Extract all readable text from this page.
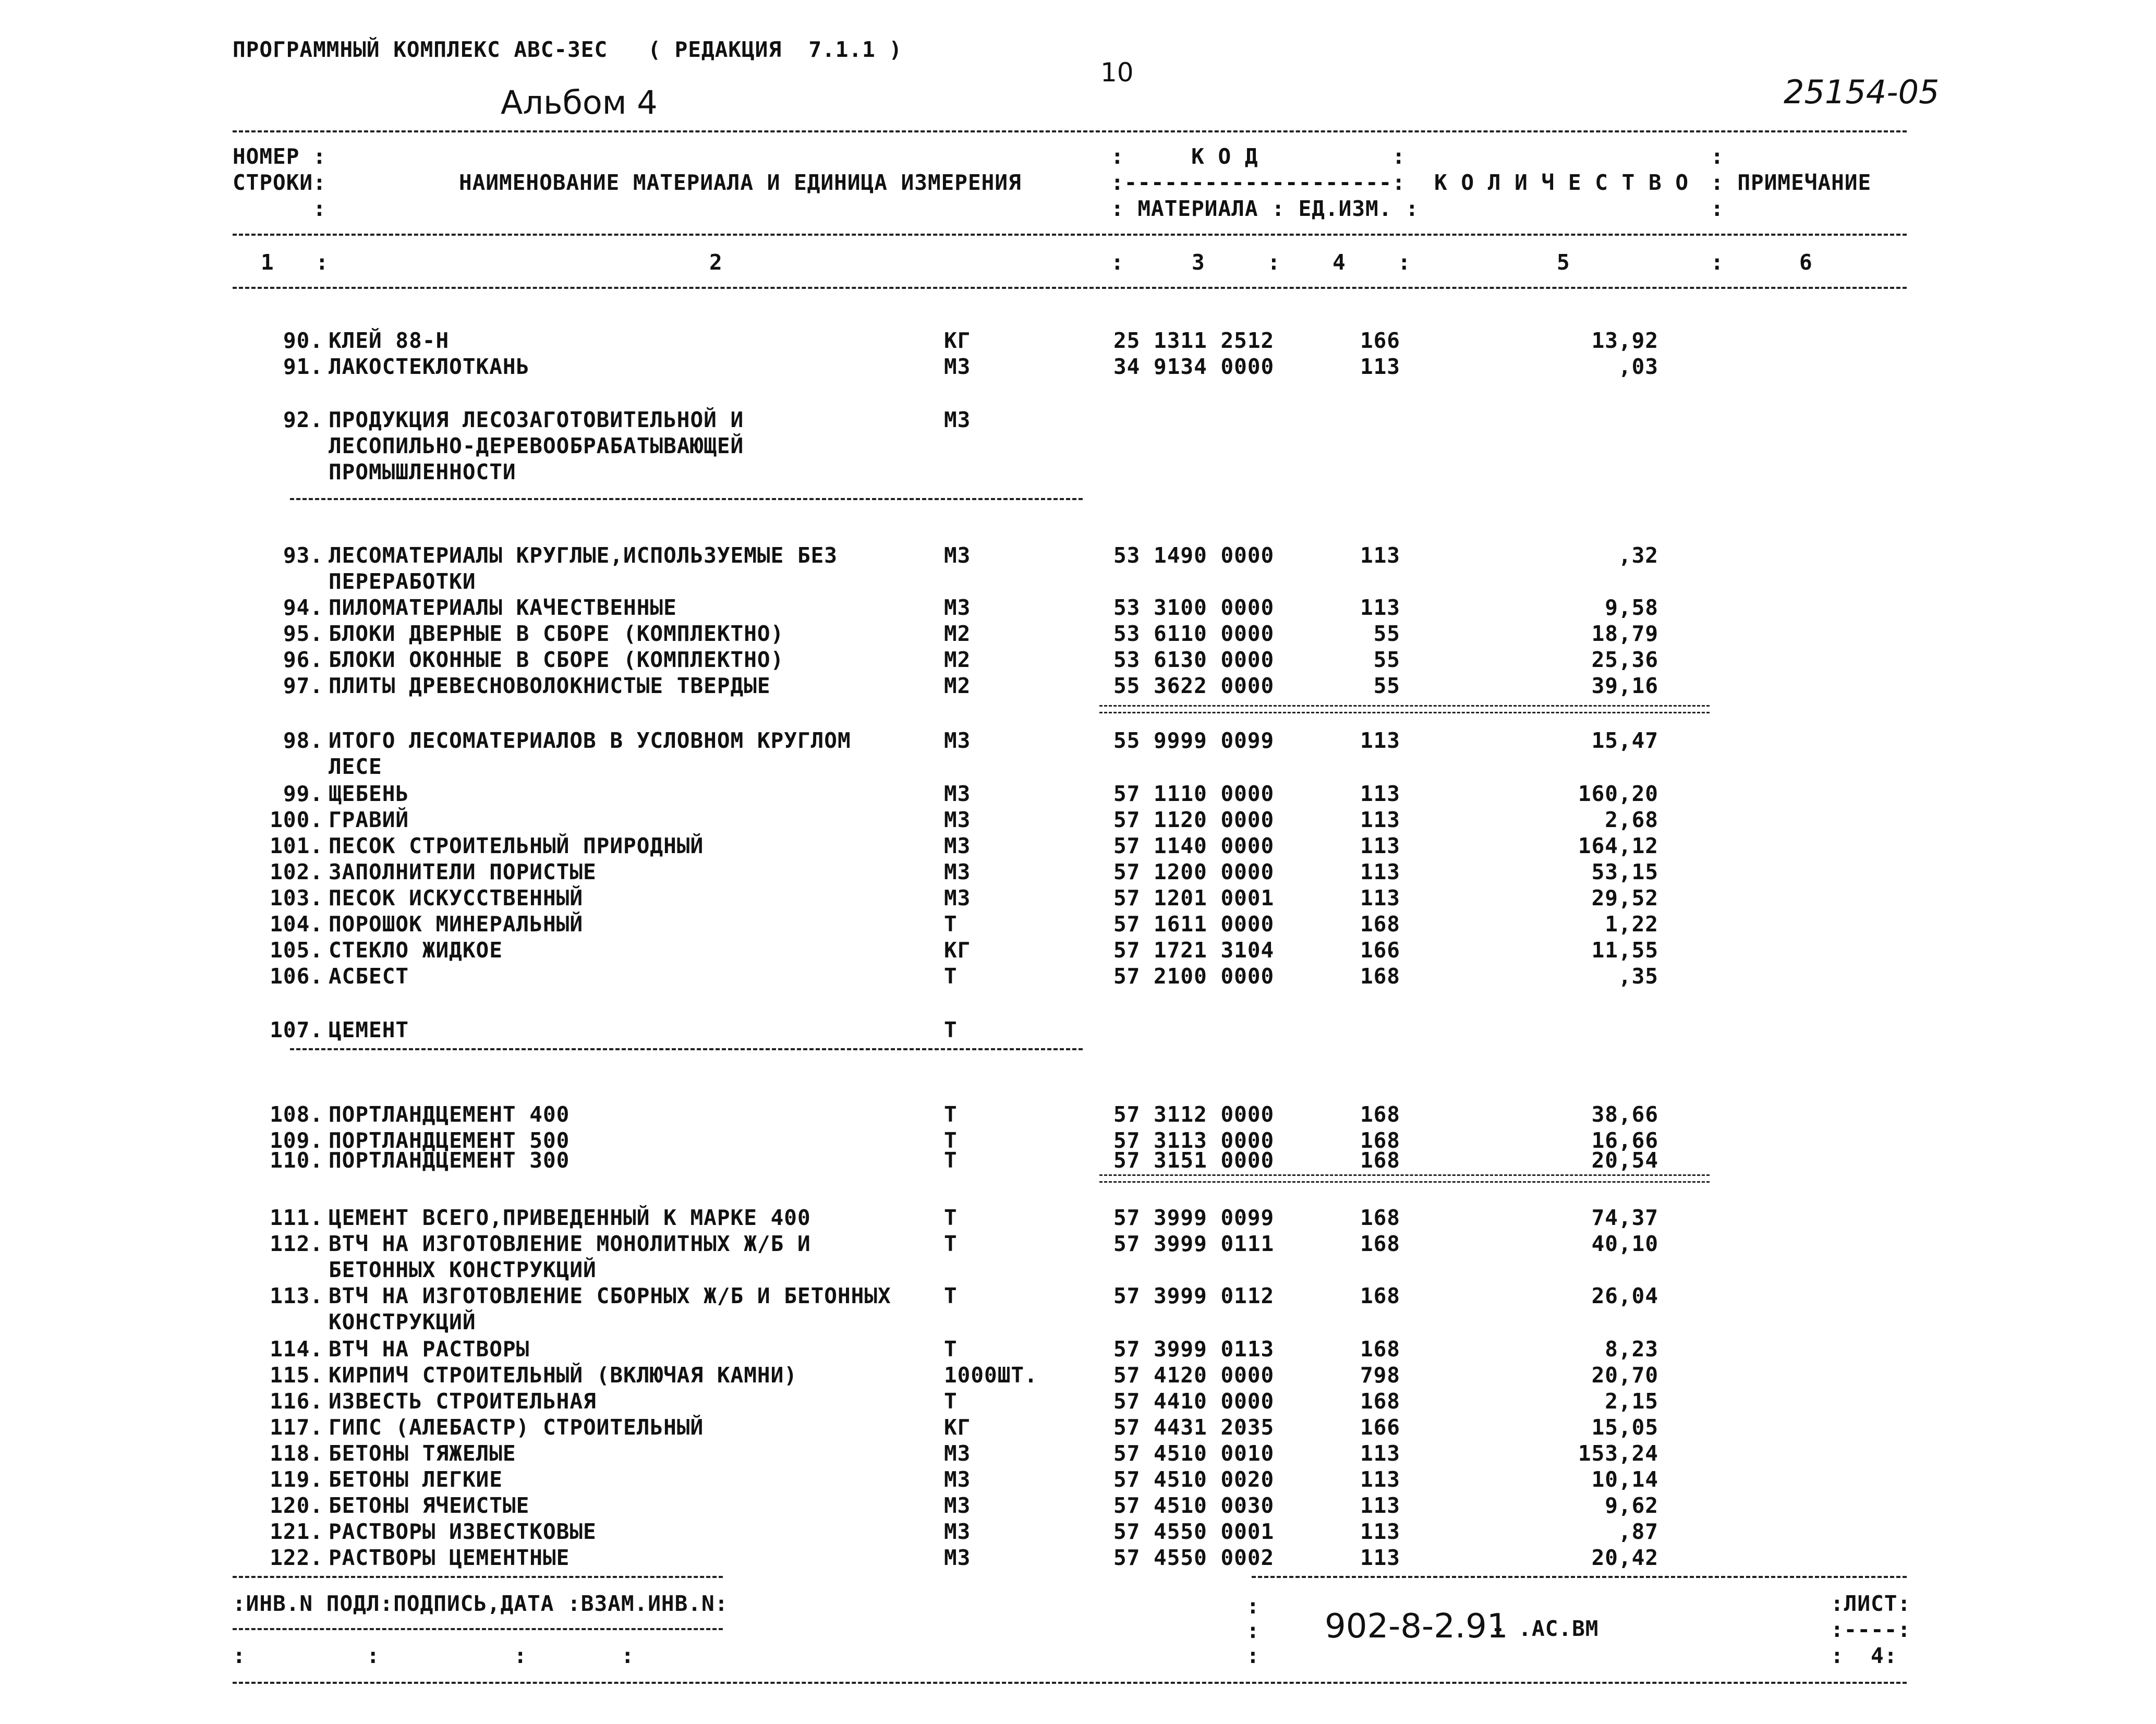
ПРОГРАММНЫЙ КОМПЛЕКС АВС-3ЕС   ( РЕДАКЦИЯ  7.1.1 )
Альбом 4
10
25154-05
НОМЕР :
СТРОКИ:
:
НАИМЕНОВАНИЕ МАТЕРИАЛА И ЕДИНИЦА ИЗМЕРЕНИЯ
:     К О Д          :
:--------------------:
: МАТЕРИАЛА : ЕД.ИЗМ. :
К О Л И Ч Е С Т В О
:
: ПРИМЕЧАНИЕ
:
1 :	2	:	3	: 4 :	5	:	6
90. КЛЕЙ 88-Н	КГ	25 1311 2512	166	13,92
91. ЛАКОСТЕКЛОТКАНЬ	М3	34 9134 0000	113	,03
92. ПРОДУКЦИЯ ЛЕСОЗАГОТОВИТЕЛЬНОЙ И
ЛЕСОПИЛЬНО-ДЕРЕВООБРАБАТЫВАЮЩЕЙ
ПРОМЫШЛЕННОСТИ
М3
93. ЛЕСОМАТЕРИАЛЫ КРУГЛЫЕ,ИСПОЛЬЗУЕМЫЕ БЕЗ
ПЕРЕРАБОТКИ
М3	53 1490 0000	113	,32
94. ПИЛОМАТЕРИАЛЫ КАЧЕСТВЕННЫЕ	М3	53 3100 0000	113	9,58
95. БЛОКИ ДВЕРНЫЕ В СБОРЕ (КОМПЛЕКТНО)	М2	53 6110 0000	55	18,79
96. БЛОКИ ОКОННЫЕ В СБОРЕ (КОМПЛЕКТНО)	М2	53 6130 0000	55	25,36
97. ПЛИТЫ ДРЕВЕСНОВОЛОКНИСТЫЕ ТВЕРДЫЕ	М2	55 3622 0000	55	39,16
98. ИТОГО ЛЕСОМАТЕРИАЛОВ В УСЛОВНОМ КРУГЛОМ
ЛЕСЕ
М3	55 9999 0099	113	15,47
99. ЩЕБЕНЬ	М3	57 1110 0000	113	160,20
100. ГРАВИЙ	М3	57 1120 0000	113	2,68
101. ПЕСОК СТРОИТЕЛЬНЫЙ ПРИРОДНЫЙ	М3	57 1140 0000	113	164,12
102. ЗАПОЛНИТЕЛИ ПОРИСТЫЕ	М3	57 1200 0000	113	53,15
103. ПЕСОК ИСКУССТВЕННЫЙ	М3	57 1201 0001	113	29,52
104. ПОРОШОК МИНЕРАЛЬНЫЙ	Т	57 1611 0000	168	1,22
105. СТЕКЛО ЖИДКОЕ	КГ	57 1721 3104	166	11,55
106. АСБЕСТ	Т	57 2100 0000	168	,35
107. ЦЕМЕНТ	Т
108. ПОРТЛАНДЦЕМЕНТ 400	Т	57 3112 0000	168	38,66
109. ПОРТЛАНДЦЕМЕНТ 500	Т	57 3113 0000	168	16,66
110. ПОРТЛАНДЦЕМЕНТ 300	Т	57 3151 0000	168	20,54
111. ЦЕМЕНТ ВСЕГО,ПРИВЕДЕННЫЙ К МАРКЕ 400	Т	57 3999 0099	168	74,37
112. ВТЧ НА ИЗГОТОВЛЕНИЕ МОНОЛИТНЫХ Ж/Б И
БЕТОННЫХ КОНСТРУКЦИЙ
Т	57 3999 0111	168	40,10
113. ВТЧ НА ИЗГОТОВЛЕНИЕ СБОРНЫХ Ж/Б И БЕТОННЫХ
КОНСТРУКЦИЙ
Т	57 3999 0112	168	26,04
114. ВТЧ НА РАСТВОРЫ	Т	57 3999 0113	168	8,23
115. КИРПИЧ СТРОИТЕЛЬНЫЙ (ВКЛЮЧАЯ КАМНИ)	1000ШТ.	57 4120 0000	798	20,70
116. ИЗВЕСТЬ СТРОИТЕЛЬНАЯ	Т	57 4410 0000	168	2,15
117. ГИПС (АЛЕБАСТР) СТРОИТЕЛЬНЫЙ	КГ	57 4431 2035	166	15,05
118. БЕТОНЫ ТЯЖЕЛЫЕ	М3	57 4510 0010	113	153,24
119. БЕТОНЫ ЛЕГКИЕ	М3	57 4510 0020	113	10,14
120. БЕТОНЫ ЯЧЕИСТЫЕ	М3	57 4510 0030	113	9,62
121. РАСТВОРЫ ИЗВЕСТКОВЫЕ	М3	57 4550 0001	113	,87
122. РАСТВОРЫ ЦЕМЕНТНЫЕ	М3	57 4550 0002	113	20,42
:ИНВ.N ПОДЛ:ПОДПИСЬ,ДАТА :ВЗАМ.ИНВ.N:
:         :          :       :
:
:
:
902-8-2.91
- .АС.ВМ
:ЛИСТ:
:----:
:  4:
